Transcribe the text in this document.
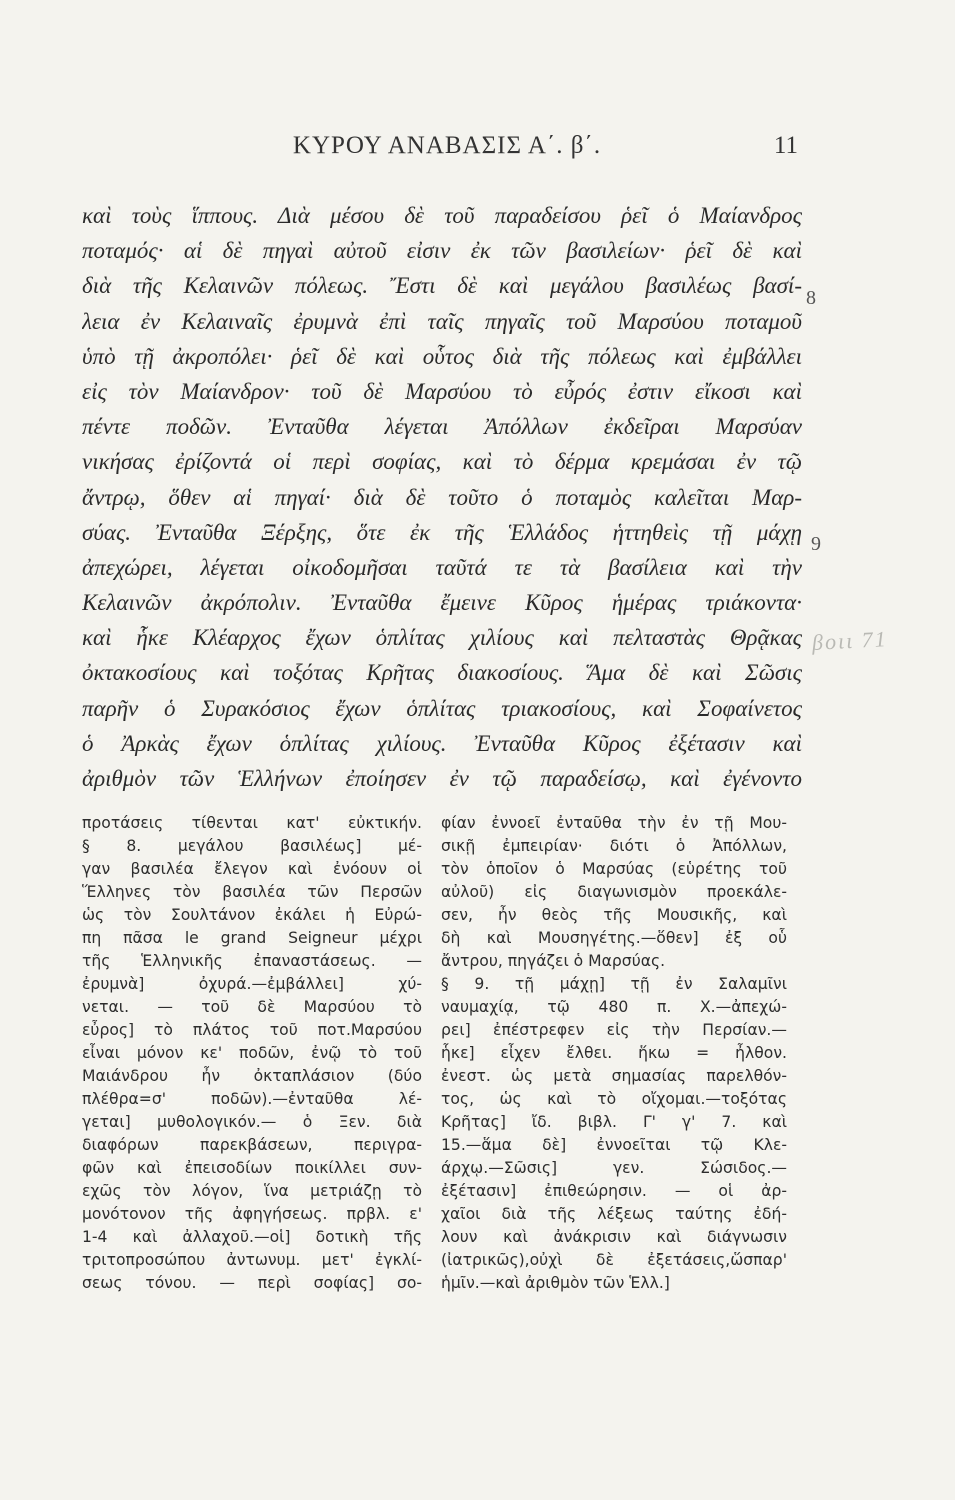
ΚΥΡΟΥ ΑΝΑΒΑΣΙΣ Α΄. β΄.	11
καὶ τοὺς ἵππους. Διὰ μέσου δὲ τοῦ παραδείσου ῥεῖ ὁ Μαίανδρος
ποταμός· αἱ δὲ πηγαὶ αὐτοῦ εἰσιν ἐκ τῶν βασιλείων· ῥεῖ δὲ καὶ
διὰ τῆς Κελαινῶν πόλεως. Ἔστι δὲ καὶ μεγάλου βασιλέως βασί-
λεια ἐν Κελαιναῖς ἐρυμνὰ ἐπὶ ταῖς πηγαῖς τοῦ Μαρσύου ποταμοῦ
ὑπὸ τῇ ἀκροπόλει· ῥεῖ δὲ καὶ οὗτος διὰ τῆς πόλεως καὶ ἐμβάλλει
εἰς τὸν Μαίανδρον· τοῦ δὲ Μαρσύου τὸ εὖρός ἐστιν εἴκοσι καὶ
πέντε ποδῶν. Ἐνταῦθα λέγεται Ἀπόλλων ἐκδεῖραι Μαρσύαν
νικήσας ἐρίζοντά οἱ περὶ σοφίας, καὶ τὸ δέρμα κρεμάσαι ἐν τῷ
ἄντρῳ, ὅθεν αἱ πηγαί· διὰ δὲ τοῦτο ὁ ποταμὸς καλεῖται Μαρ-
σύας. Ἐνταῦθα Ξέρξης, ὅτε ἐκ τῆς Ἑλλάδος ἡττηθεὶς τῇ μάχῃ
ἀπεχώρει, λέγεται οἰκοδομῆσαι ταῦτά τε τὰ βασίλεια καὶ τὴν
Κελαινῶν ἀκρόπολιν. Ἐνταῦθα ἔμεινε Κῦρος ἡμέρας τριάκοντα·
καὶ ἧκε Κλέαρχος ἔχων ὁπλίτας χιλίους καὶ πελταστὰς Θρᾷκας
ὀκτακοσίους καὶ τοξότας Κρῆτας διακοσίους. Ἅμα δὲ καὶ Σῶσις
παρῆν ὁ Συρακόσιος ἔχων ὁπλίτας τριακοσίους, καὶ Σοφαίνετος
ὁ Ἀρκὰς ἔχων ὁπλίτας χιλίους. Ἐνταῦθα Κῦρος ἐξέτασιν καὶ
ἀριθμὸν τῶν Ἑλλήνων ἐποίησεν ἐν τῷ παραδείσῳ, καὶ ἐγένοντο
8
9
βοιι 71
προτάσεις τίθενται κατ' εὐκτικήν.
§ 8. μεγάλου βασιλέως] μέ-
γαν βασιλέα ἔλεγον καὶ ἐνόουν οἱ
Ἕλληνες τὸν βασιλέα τῶν Περσῶν
ὡς τὸν Σουλτάνον ἐκάλει ἡ Εὐρώ-
πη πᾶσα le grand Seigneur μέχρι
τῆς Ἑλληνικῆς ἐπαναστάσεως. —
ἐρυμνὰ] ὀχυρά.—ἐμβάλλει] χύ-
νεται. — τοῦ δὲ Μαρσύου τὸ
εὖρος] τὸ πλάτος τοῦ ποτ.Μαρσύου
εἶναι μόνον κε' ποδῶν, ἐνῷ τὸ τοῦ
Μαιάνδρου ἦν ὀκταπλάσιον (δύο
πλέθρα=σ' ποδῶν).—ἐνταῦθα λέ-
γεται] μυθολογικόν.— ὁ Ξεν. διὰ
διαφόρων παρεκβάσεων, περιγρα-
φῶν καὶ ἐπεισοδίων ποικίλλει συν-
εχῶς τὸν λόγον, ἵνα μετριάζῃ τὸ
μονότονον τῆς ἀφηγήσεως. πρβλ. ε'
1-4 καὶ ἀλλαχοῦ.—οἱ] δοτικὴ τῆς
τριτοπροσώπου ἀντωνυμ. μετ' ἐγκλί-
σεως τόνου. — περὶ σοφίας] σο-
φίαν ἐννοεῖ ἐνταῦθα τὴν ἐν τῇ Μου-
σικῇ ἐμπειρίαν· διότι ὁ Ἀπόλλων,
τὸν ὁποῖον ὁ Μαρσύας (εὑρέτης τοῦ
αὐλοῦ) εἰς διαγωνισμὸν προεκάλε-
σεν, ἦν θεὸς τῆς Μουσικῆς, καὶ
δὴ καὶ Μουσηγέτης.—ὅθεν] ἐξ οὗ
ἄντρου, πηγάζει ὁ Μαρσύας.
§ 9. τῇ μάχῃ] τῇ ἐν Σαλαμῖνι
ναυμαχίᾳ, τῷ 480 π. Χ.—ἀπεχώ-
ρει] ἐπέστρεφεν εἰς τὴν Περσίαν.—
ἧκε] εἶχεν ἔλθει. ἥκω = ἦλθον.
ἐνεστ. ὡς μετὰ σημασίας παρελθόν-
τος, ὡς καὶ τὸ οἴχομαι.—τοξότας
Κρῆτας] ἴδ. βιβλ. Γ' γ' 7. καὶ
15.—ἅμα δὲ] ἐννοεῖται τῷ Κλε-
άρχῳ.—Σῶσις] γεν. Σώσιδος.—
ἐξέτασιν] ἐπιθεώρησιν. — οἱ ἀρ-
χαῖοι διὰ τῆς λέξεως ταύτης ἐδή-
λουν καὶ ἀνάκρισιν καὶ διάγνωσιν
(ἰατρικῶς),οὐχὶ δὲ ἐξετάσεις,ὥσπαρ'
ἡμῖν.—καὶ ἀριθμὸν τῶν Ἑλλ.]
